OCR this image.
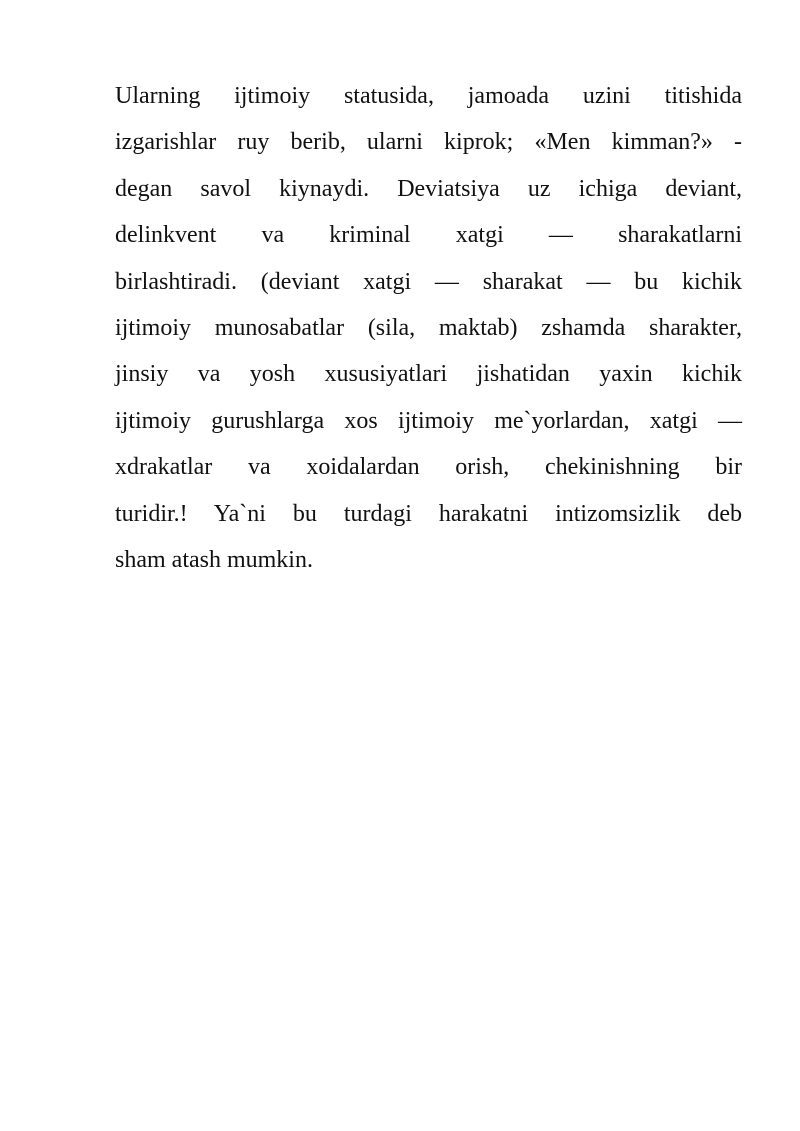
Ularning ijtimoiy statusida, jamoada uzini titishida
izgarishlar ruy berib, ularni kiprok; «Men kimman?» -
degan savol kiynaydi. Deviatsiya uz ichiga deviant,
delinkvent va kriminal xatgi — sharakatlarni
birlashtiradi. (deviant xatgi — sharakat — bu kichik
ijtimoiy munosabatlar (sila, maktab) zshamda sharakter,
jinsiy va yosh xususiyatlari jishatidan yaxin kichik
ijtimoiy gurushlarga xos ijtimoiy me`yorlardan, xatgi —
xdrakatlar va xoidalardan orish, chekinishning bir
turidir.! Ya`ni bu turdagi harakatni intizomsizlik deb
sham atash mumkin.
